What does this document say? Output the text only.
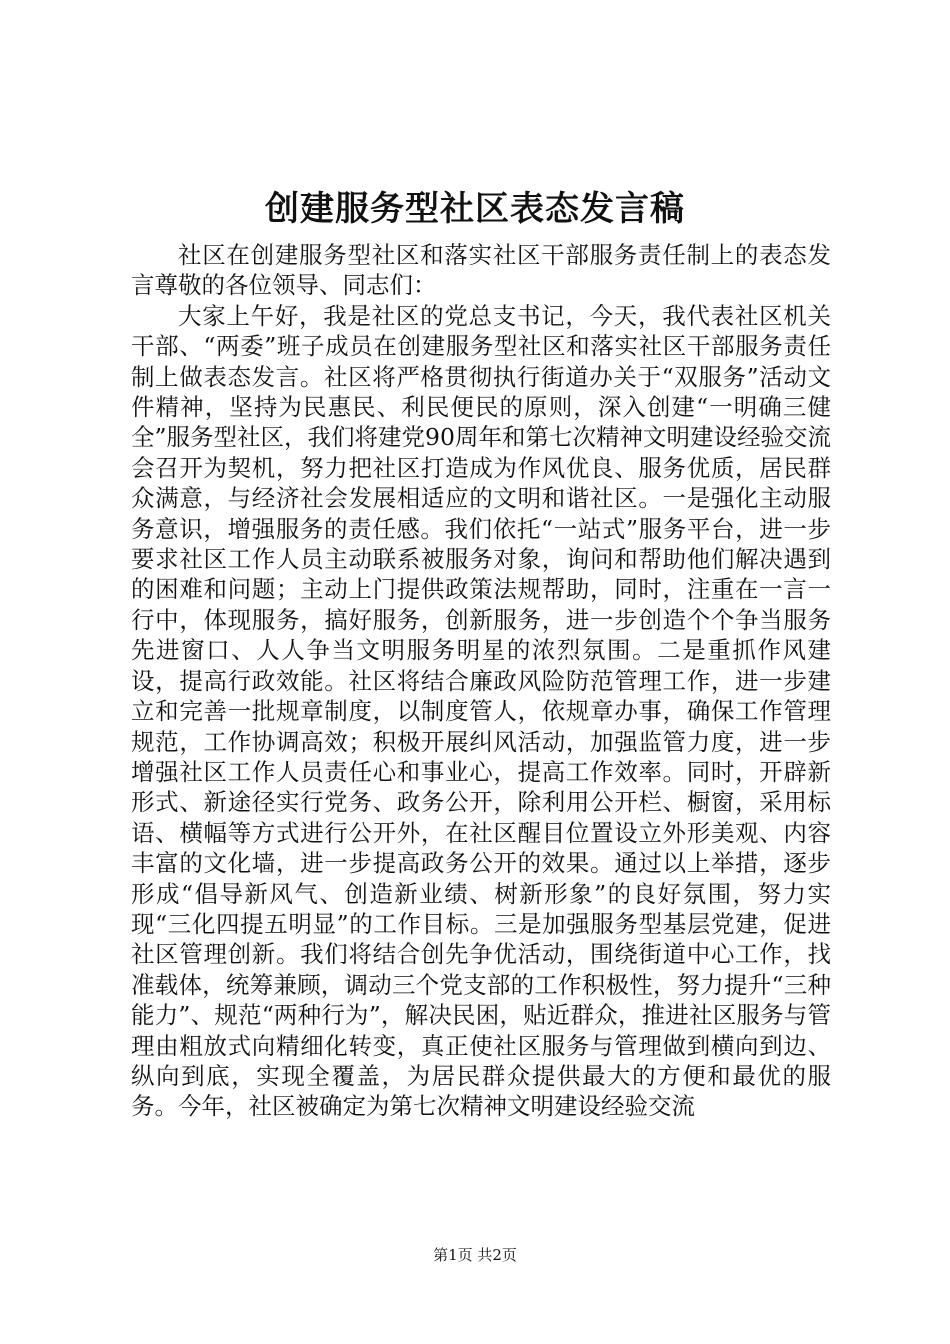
创建服务型社区表态发言稿

社区在创建服务型社区和落实社区干部服务责任制上的表态发言尊敬的各位领导、同志们：

大家上午好，我是社区的党总支书记，今天，我代表社区机关干部、“两委”班子成员在创建服务型社区和落实社区干部服务责任制上做表态发言。社区将严格贯彻执行街道办关于“双服务”活动文件精神，坚持为民惠民、利民便民的原则，深入创建“一明确三健全”服务型社区，我们将建党90周年和第七次精神文明建设经验交流会召开为契机，努力把社区打造成为作风优良、服务优质，居民群众满意，与经济社会发展相适应的文明和谐社区。一是强化主动服务意识，增强服务的责任感。我们依托“一站式”服务平台，进一步要求社区工作人员主动联系被服务对象，询问和帮助他们解决遇到的困难和问题；主动上门提供政策法规帮助，同时，注重在一言一行中，体现服务，搞好服务，创新服务，进一步创造个个争当服务先进窗口、人人争当文明服务明星的浓烈氛围。二是重抓作风建设，提高行政效能。社区将结合廉政风险防范管理工作，进一步建立和完善一批规章制度，以制度管人，依规章办事，确保工作管理规范，工作协调高效；积极开展纠风活动，加强监管力度，进一步增强社区工作人员责任心和事业心，提高工作效率。同时，开辟新形式、新途径实行党务、政务公开，除利用公开栏、橱窗，采用标语、横幅等方式进行公开外，在社区醒目位置设立外形美观、内容丰富的文化墙，进一步提高政务公开的效果。通过以上举措，逐步形成“倡导新风气、创造新业绩、树新形象”的良好氛围，努力实现“三化四提五明显”的工作目标。三是加强服务型基层党建，促进社区管理创新。我们将结合创先争优活动，围绕街道中心工作，找准载体，统筹兼顾，调动三个党支部的工作积极性，努力提升“三种能力”、规范“两种行为”，解决民困，贴近群众，推进社区服务与管理由粗放式向精细化转变，真正使社区服务与管理做到横向到边、纵向到底，实现全覆盖，为居民群众提供最大的方便和最优的服务。今年，社区被确定为第七次精神文明建设经验交流

第1页 共2页
